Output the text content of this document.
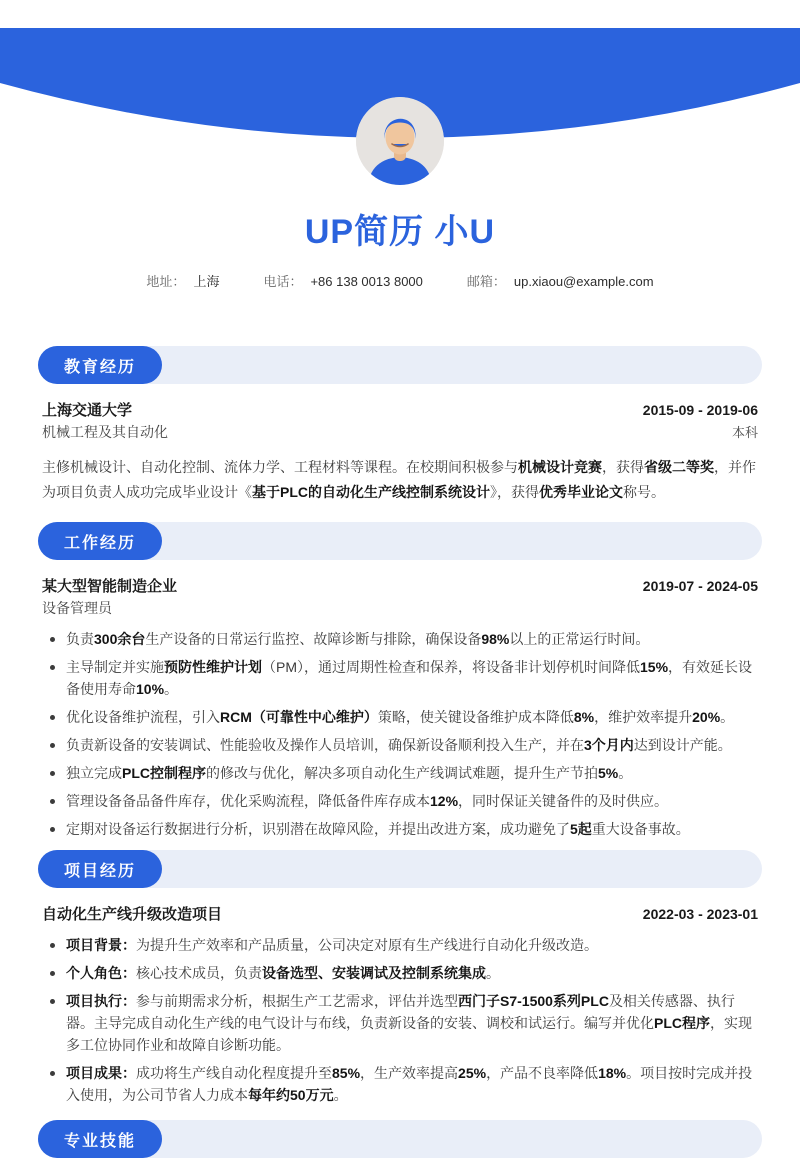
UP简历 小U
地址： 上海	电话： +86 138 0013 8000	邮箱： up.xiaou@example.com
教育经历
上海交通大学	2015-09 - 2019-06
机械工程及其自动化	本科

主修机械设计、自动化控制、流体力学、工程材料等课程。在校期间积极参与机械设计竞赛，获得省级二等奖，并作为项目负责人成功完成毕业设计《基于PLC的自动化生产线控制系统设计》，获得优秀毕业论文称号。

工作经历
某大型智能制造企业	2019-07 - 2024-05
设备管理员
负责300余台生产设备的日常运行监控、故障诊断与排除，确保设备98%以上的正常运行时间。
主导制定并实施预防性维护计划（PM），通过周期性检查和保养，将设备非计划停机时间降低15%，有效延长设备使用寿命10%。
优化设备维护流程，引入RCM（可靠性中心维护）策略，使关键设备维护成本降低8%，维护效率提升20%。
负责新设备的安装调试、性能验收及操作人员培训，确保新设备顺利投入生产，并在3个月内达到设计产能。
独立完成PLC控制程序的修改与优化，解决多项自动化生产线调试难题，提升生产节拍5%。
管理设备备品备件库存，优化采购流程，降低备件库存成本12%，同时保证关键备件的及时供应。
定期对设备运行数据进行分析，识别潜在故障风险，并提出改进方案，成功避免了5起重大设备事故。
项目经历
自动化生产线升级改造项目	2022-03 - 2023-01
项目背景：为提升生产效率和产品质量，公司决定对原有生产线进行自动化升级改造。
个人角色：核心技术成员，负责设备选型、安装调试及控制系统集成。
项目执行：参与前期需求分析，根据生产工艺需求，评估并选型西门子S7-1500系列PLC及相关传感器、执行器。主导完成自动化生产线的电气设计与布线，负责新设备的安装、调校和试运行。编写并优化PLC程序，实现多工位协同作业和故障自诊断功能。
项目成果：成功将生产线自动化程度提升至85%，生产效率提高25%，产品不良率降低18%。项目按时完成并投入使用，为公司节省人力成本每年约50万元。
专业技能
